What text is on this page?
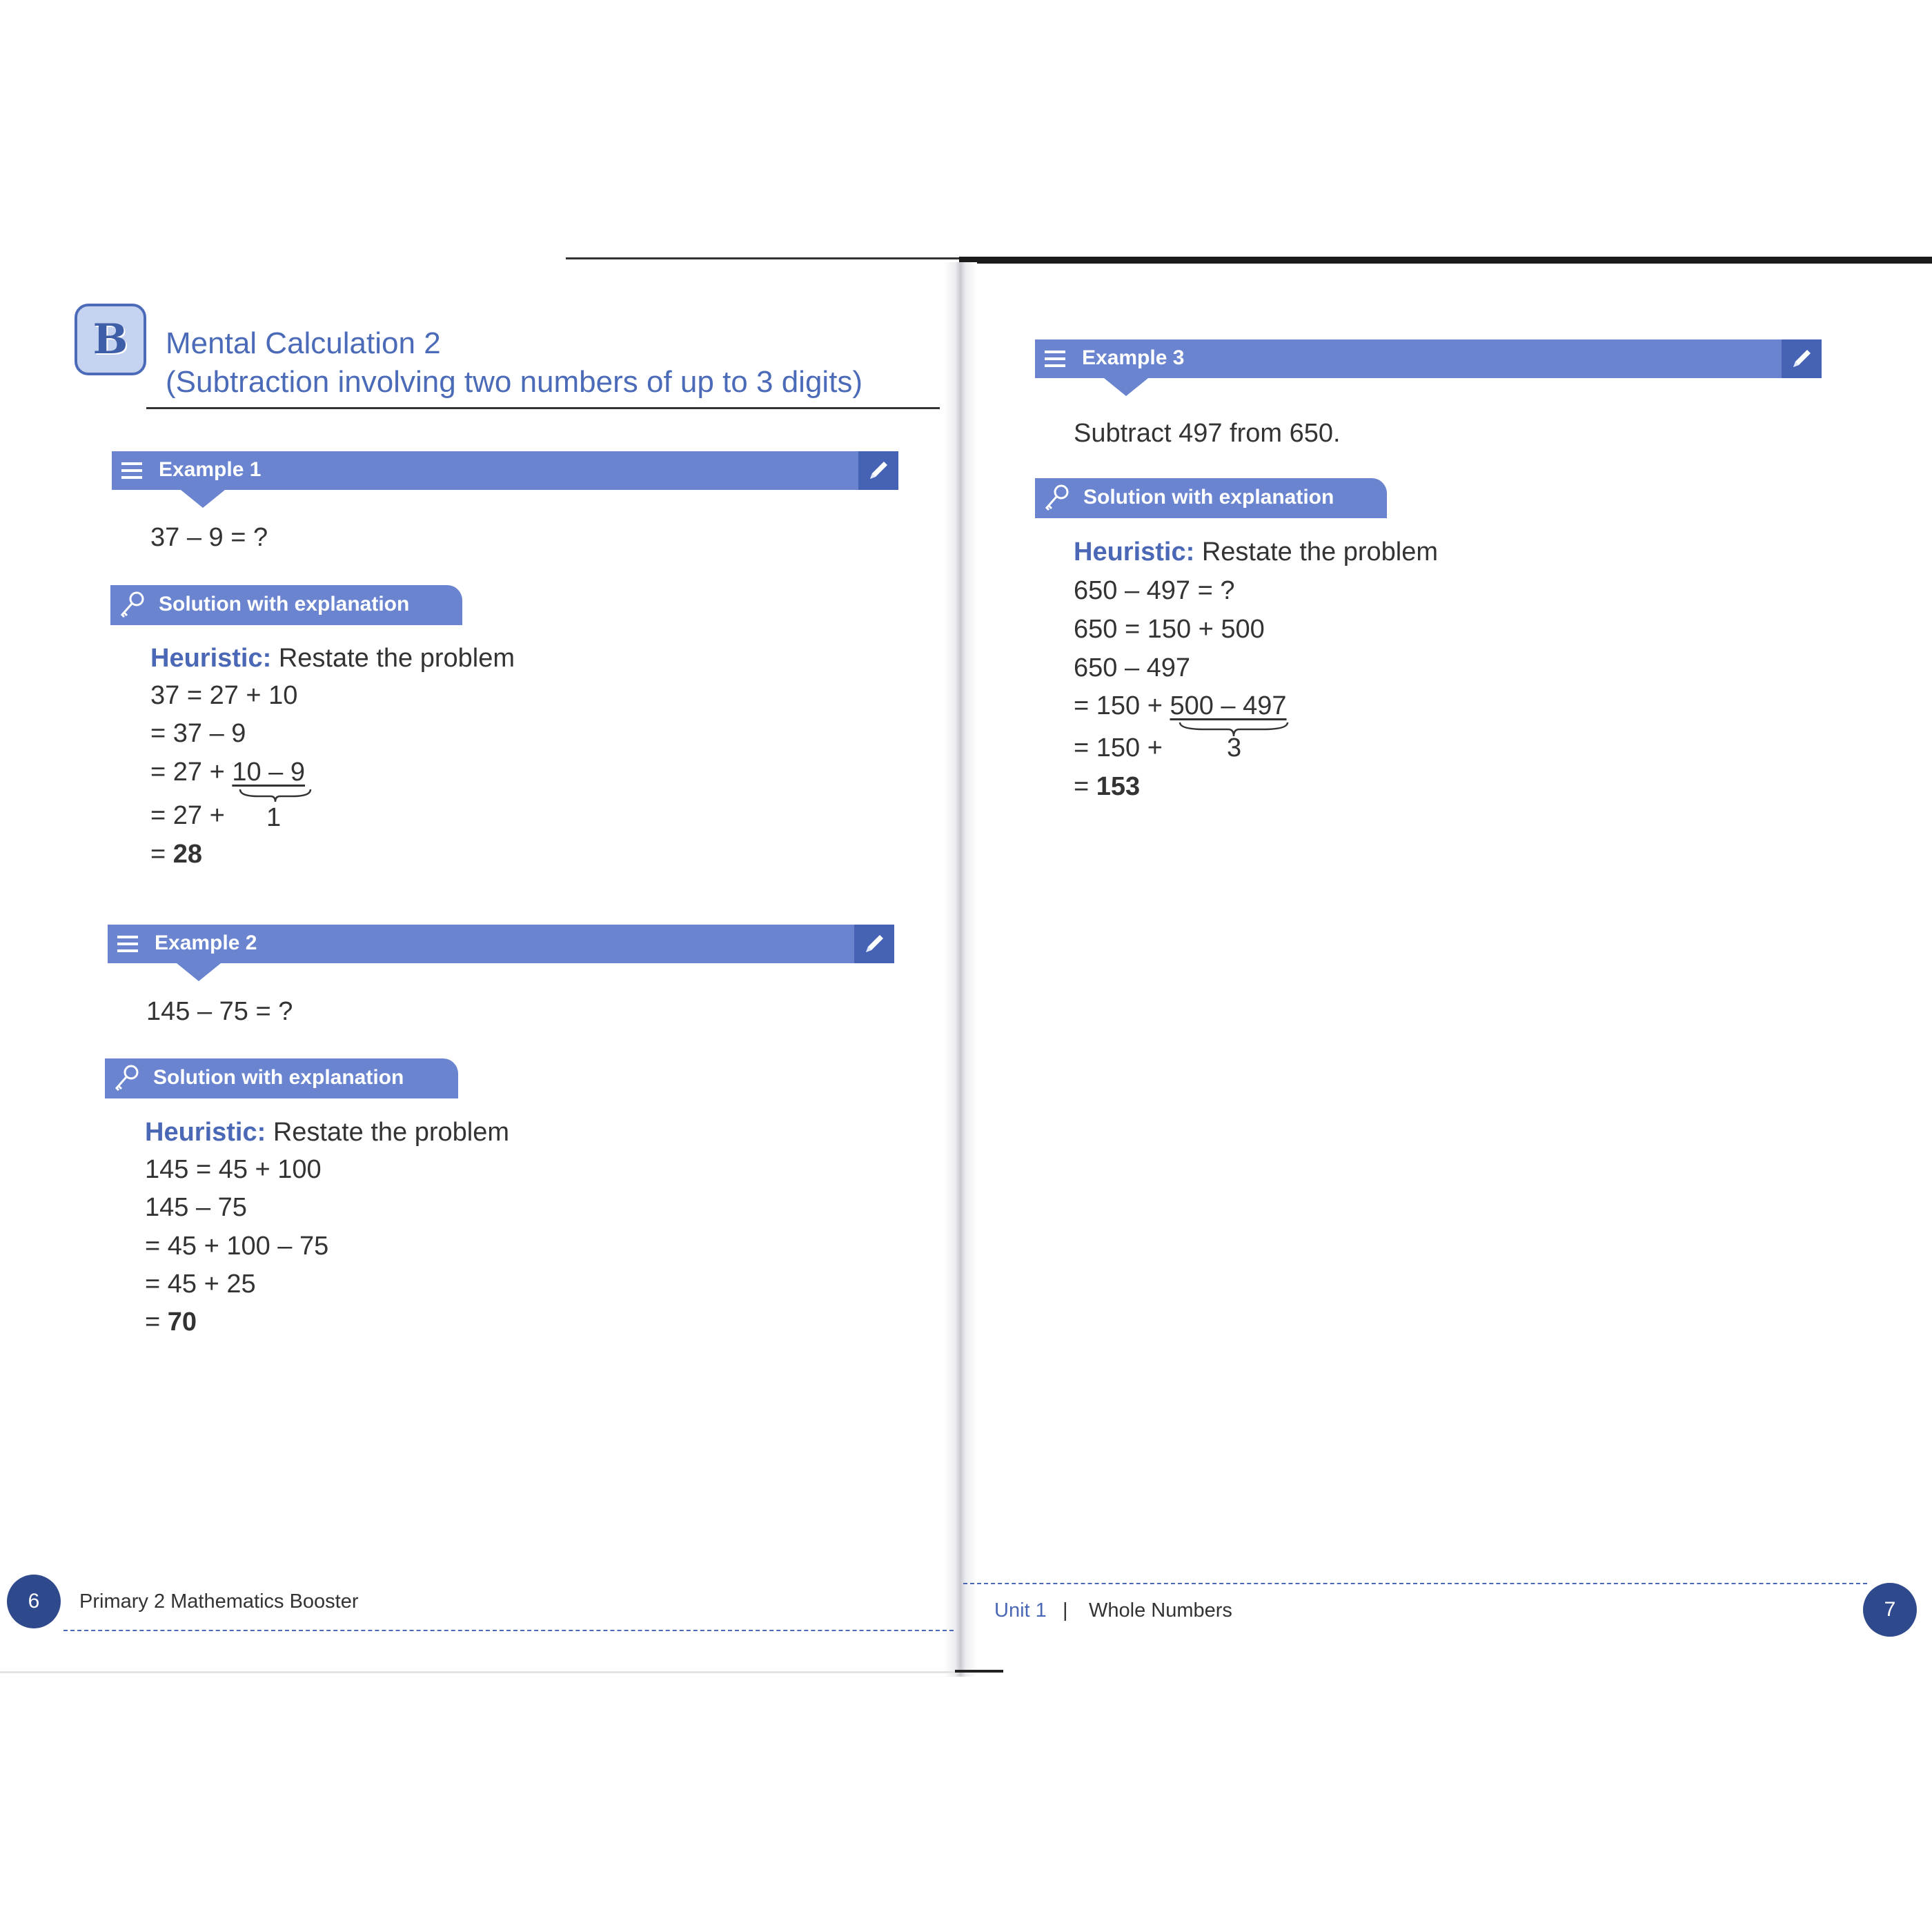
B Mental Calculation 2
(Subtraction involving two numbers of up to 3 digits)
Example 1
37 – 9 = ?
Solution with explanation
Heuristic: Restate the problem
37 = 27 + 10
= 37 – 9
= 27 + 10 – 9
= 27 + 1
= 28
Example 2
145 – 75 = ?
Solution with explanation
Heuristic: Restate the problem
145 = 45 + 100
145 – 75
= 45 + 100 – 75
= 45 + 25
= 70
6	Primary 2 Mathematics Booster
Example 3
Subtract 497 from 650.
Solution with explanation
Heuristic: Restate the problem
650 – 497 = ?
650 = 150 + 500
650 – 497
= 150 + 500 – 497
= 150 + 3
= 153
Unit 1 | Whole Numbers	7
